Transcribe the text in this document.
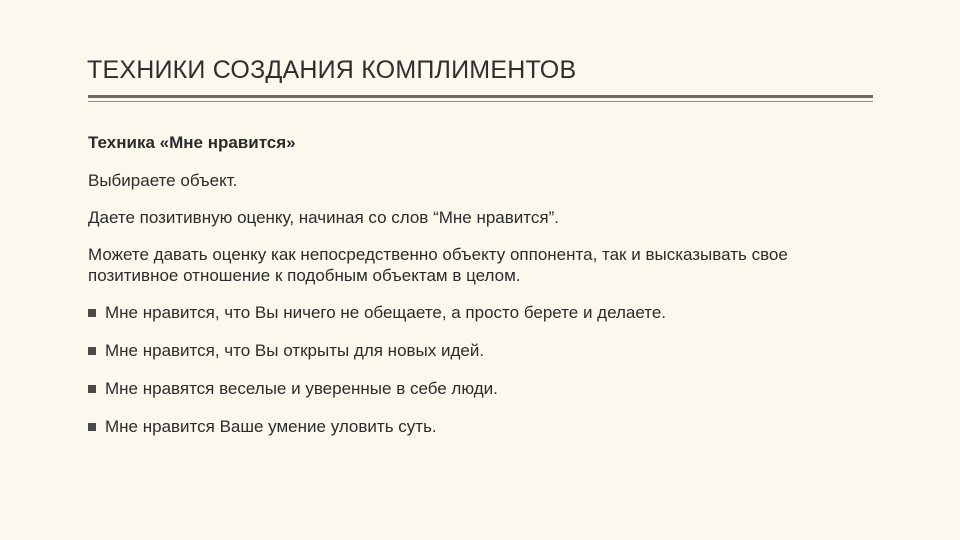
ТЕХНИКИ СОЗДАНИЯ КОМПЛИМЕНТОВ
Техника «Мне нравится»
Выбираете объект.
Даете позитивную оценку, начиная со слов “Мне нравится”.
Можете давать оценку как непосредственно объекту оппонента, так и высказывать свое позитивное отношение к подобным объектам в целом.
Мне нравится, что Вы ничего не обещаете, а просто берете и делаете.
Мне нравится, что Вы открыты для новых идей.
Мне нравятся веселые и уверенные в себе люди.
Мне нравится Ваше умение уловить суть.
